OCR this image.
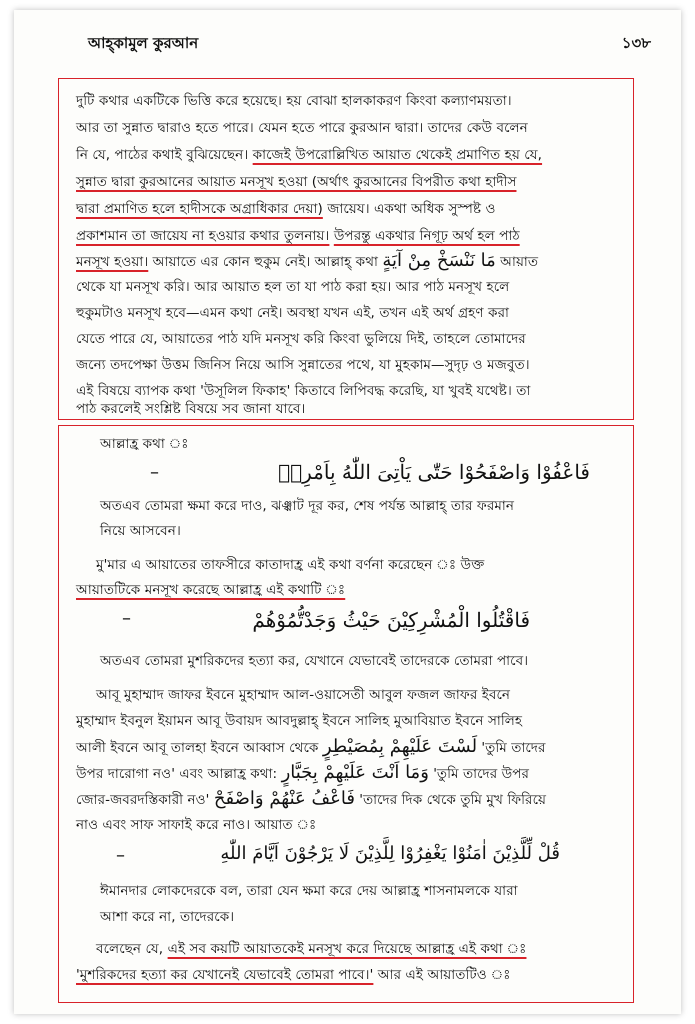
আহ্কামুল কুরআন	১৩৮
দুটি কথার একটিকে ভিত্তি করে হয়েছে। হয় বোঝা হালকাকরণ কিংবা কল্যাণময়তা।
আর তা সুন্নাত দ্বারাও হতে পারে। যেমন হতে পারে কুরআন দ্বারা। তাদের কেউ বলেন
নি যে, পাঠের কথাই বুঝিয়েছেন। কাজেই উপরোল্লিখিত আয়াত থেকেই প্রমাণিত হয় যে,
সুন্নাত দ্বারা কুরআনের আয়াত মনসূখ হওয়া (অর্থাৎ কুরআনের বিপরীত কথা হাদীস
দ্বারা প্রমাণিত হলে হাদীসকে অগ্রাধিকার দেয়া) জায়েয। একথা অধিক সুস্পষ্ট ও
প্রকাশমান তা জায়েয না হওয়ার কথার তুলনায়। উপরন্তু একথার নিগূঢ় অর্থ হল পাঠ
মনসূখ হওয়া। আয়াতে এর কোন হুকুম নেই। আল্লাহ্ কথা مَا نَنْسَخْ مِنْ آيَةٍ আয়াত
থেকে যা মনসূখ করি। আর আয়াত হল তা যা পাঠ করা হয়। আর পাঠ মনসূখ হলে
হুকুমটাও মনসূখ হবে—এমন কথা নেই। অবস্থা যখন এই, তখন এই অর্থ গ্রহণ করা
যেতে পারে যে, আয়াতের পাঠ যদি মনসূখ করি কিংবা ভুলিয়ে দিই, তাহলে তোমাদের
জন্যে তদপেক্ষা উত্তম জিনিস নিয়ে আসি সুন্নাতের পথে, যা মুহকাম—সুদৃঢ় ও মজবুত।
এই বিষয়ে ব্যাপক কথা 'উসূলিল ফিকাহ' কিতাবে লিপিবদ্ধ করেছি, যা খুবই যথেষ্ট। তা
পাঠ করলেই সংশ্লিষ্ট বিষয়ে সব জানা যাবে।
আল্লাহ্র কথা ঃ
فَاعْفُوْا وَاصْفَحُوْا حَتّٰى يَاْتِىَ اللّٰهُ بِاَمْرِهٖ
–
অতএব তোমরা ক্ষমা করে দাও, ঝঞ্ঝাট দূর কর, শেষ পর্যন্ত আল্লাহ্ তার ফরমান
নিয়ে আসবেন।
মু'মার এ আয়াতের তাফসীরে কাতাদাহ্র এই কথা বর্ণনা করেছেন ঃ উক্ত
আয়াতটিকে মনসূখ করেছে আল্লাহ্র এই কথাটি ঃ
فَاقْتُلُوا الْمُشْرِكِيْنَ حَيْثُ وَجَدْتُّمُوْهُمْ
–
অতএব তোমরা মুশরিকদের হত্যা কর, যেখানে যেভাবেই তাদেরকে তোমরা পাবে।
আবূ মুহাম্মাদ জাফর ইবনে মুহাম্মাদ আল-ওয়াসেতী আবুল ফজল জাফর ইবনে
মুহাম্মাদ ইবনুল ইয়ামন আবূ উবায়দ আবদুল্লাহ্ ইবনে সালিহ মুআবিয়াত ইবনে সালিহ
আলী ইবনে আবূ তালহা ইবনে আব্বাস থেকে لَسْتَ عَلَيْهِمْ بِمُصَيْطِرٍ 'তুমি তাদের
উপর দারোগা নও' এবং আল্লাহ্র কথা: وَمَا اَنْتَ عَلَيْهِمْ بِجَبَّارٍ 'তুমি তাদের উপর
জোর-জবরদস্তিকারী নও' فَاعْفُ عَنْهُمْ وَاصْفَحْ 'তাদের দিক থেকে তুমি মুখ ফিরিয়ে
নাও এবং সাফ সাফাই করে নাও। আয়াত ঃ
قُلْ لِّلَّذِيْنَ اٰمَنُوْا يَغْفِرُوْا لِلَّذِيْنَ لَا يَرْجُوْنَ اَيَّامَ اللّٰهِ
–
ঈমানদার লোকদেরকে বল, তারা যেন ক্ষমা করে দেয় আল্লাহ্র শাসনামলকে যারা
আশা করে না, তাদেরকে।
বলেছেন যে, এই সব কয়টি আয়াতকেই মনসূখ করে দিয়েছে আল্লাহ্র এই কথা ঃ
'মুশরিকদের হত্যা কর যেখানেই যেভাবেই তোমরা পাবে।' আর এই আয়াতটিও ঃ
